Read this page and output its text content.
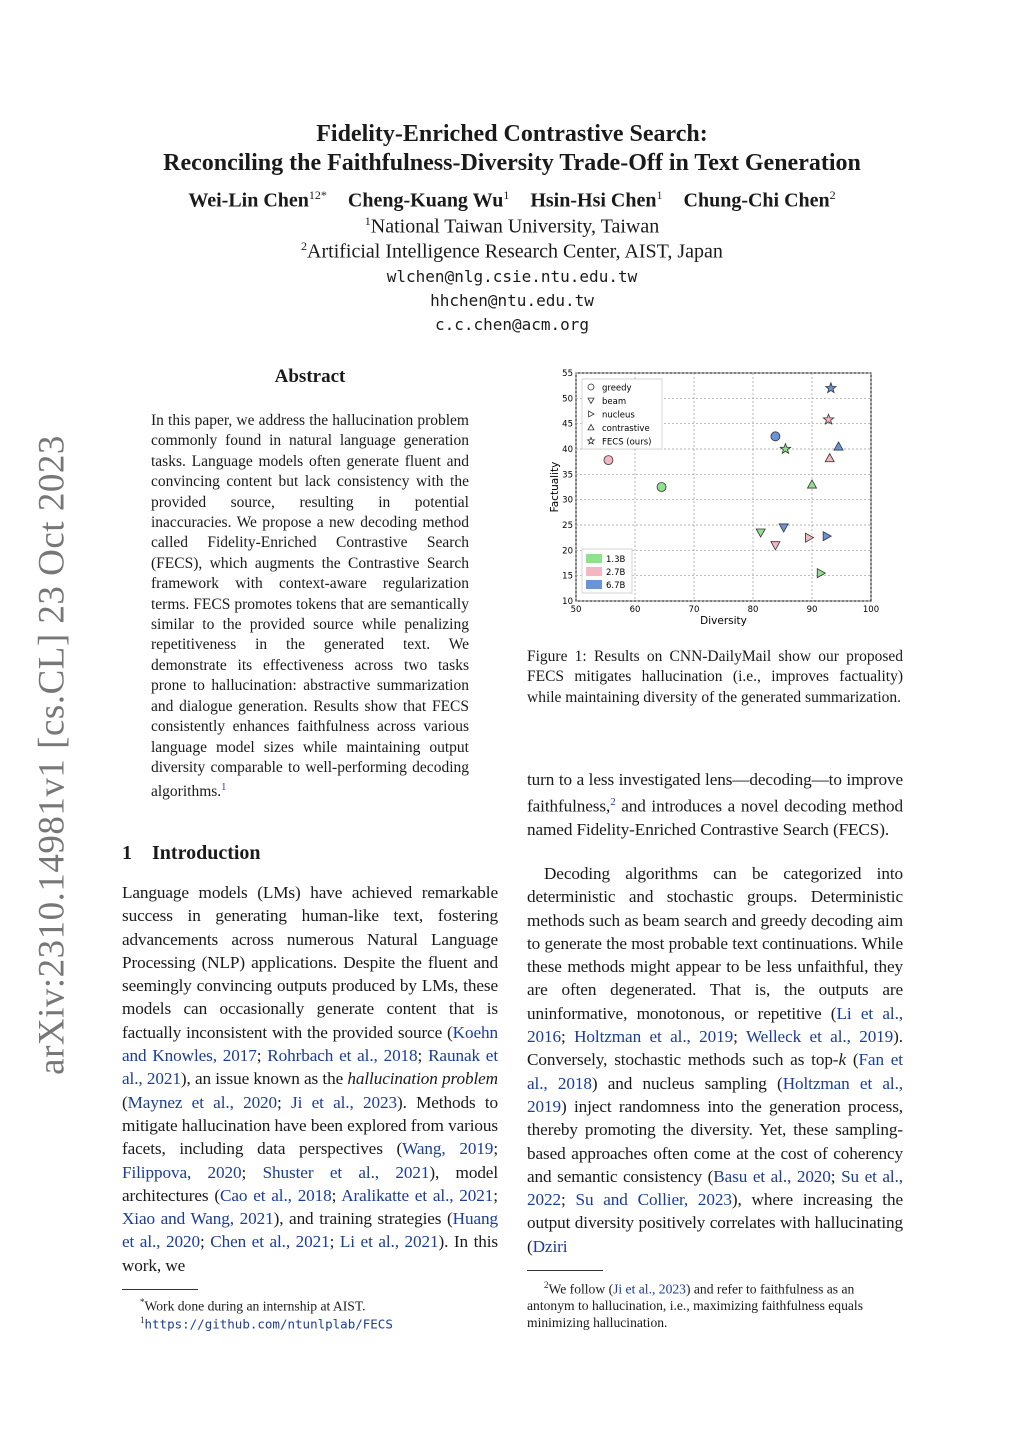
arXiv:2310.14981v1 [cs.CL] 23 Oct 2023
Fidelity-Enriched Contrastive Search:
Reconciling the Faithfulness-Diversity Trade-Off in Text Generation
Wei-Lin Chen$^{12*}$ Cheng-Kuang Wu$^1$ Hsin-Hsi Chen$^1$ Chung-Chi Chen$^2$
$^1$National Taiwan University, Taiwan
$^2$Artificial Intelligence Research Center, AIST, Japan
wlchen@nlg.csie.ntu.edu.tw
hhchen@ntu.edu.tw
c.c.chen@acm.org
Abstract
In this paper, we address the hallucination problem commonly found in natural language generation tasks. Language models often generate fluent and convincing content but lack consistency with the provided source, resulting in potential inaccuracies. We propose a new decoding method called Fidelity-Enriched Contrastive Search (FECS), which augments the Contrastive Search framework with context-aware regularization terms. FECS promotes tokens that are semantically similar to the provided source while penalizing repetitiveness in the generated text. We demonstrate its effectiveness across two tasks prone to hallucination: abstractive summarization and dialogue generation. Results show that FECS consistently enhances faithfulness across various language model sizes while maintaining output diversity comparable to well-performing decoding algorithms.$^1$
1 Introduction
Language models (LMs) have achieved remarkable success in generating human-like text, fostering advancements across numerous Natural Language Processing (NLP) applications. Despite the fluent and seemingly convincing outputs produced by LMs, these models can occasionally generate content that is factually inconsistent with the provided source (Koehn and Knowles, 2017; Rohrbach et al., 2018; Raunak et al., 2021), an issue known as the hallucination problem (Maynez et al., 2020; Ji et al., 2023). Methods to mitigate hallucination have been explored from various facets, including data perspectives (Wang, 2019; Filippova, 2020; Shuster et al., 2021), model architectures (Cao et al., 2018; Aralikatte et al., 2021; Xiao and Wang, 2021), and training strategies (Huang et al., 2020; Chen et al., 2021; Li et al., 2021). In this work, we
turn to a less investigated lens—decoding—to improve faithfulness,$^2$ and introduces a novel decoding method named Fidelity-Enriched Contrastive Search (FECS).
Decoding algorithms can be categorized into deterministic and stochastic groups. Deterministic methods such as beam search and greedy decoding aim to generate the most probable text continuations. While these methods might appear to be less unfaithful, they are often degenerated. That is, the outputs are uninformative, monotonous, or repetitive (Li et al., 2016; Holtzman et al., 2019; Welleck et al., 2019). Conversely, stochastic methods such as top-k (Fan et al., 2018) and nucleus sampling (Holtzman et al., 2019) inject randomness into the generation process, thereby promoting the diversity. Yet, these sampling-based approaches often come at the cost of coherency and semantic consistency (Basu et al., 2020; Su et al., 2022; Su and Collier, 2023), where increasing the output diversity positively correlates with hallucinating (Dziri
50	60	70	80	90	100
10
15
20
25
30
35
40
45
50
55
Diversity
Factuality
greedy
beam
nucleus
contrastive
FECS (ours)
1.3B
2.7B
6.7B
Figure 1: Results on CNN-DailyMail show our proposed FECS mitigates hallucination (i.e., improves factuality) while maintaining diversity of the generated summarization.
*Work done during an internship at AIST.
$^1$https://github.com/ntunlplab/FECS
$^2$We follow (Ji et al., 2023) and refer to faithfulness as an antonym to hallucination, i.e., maximizing faithfulness equals minimizing hallucination.
